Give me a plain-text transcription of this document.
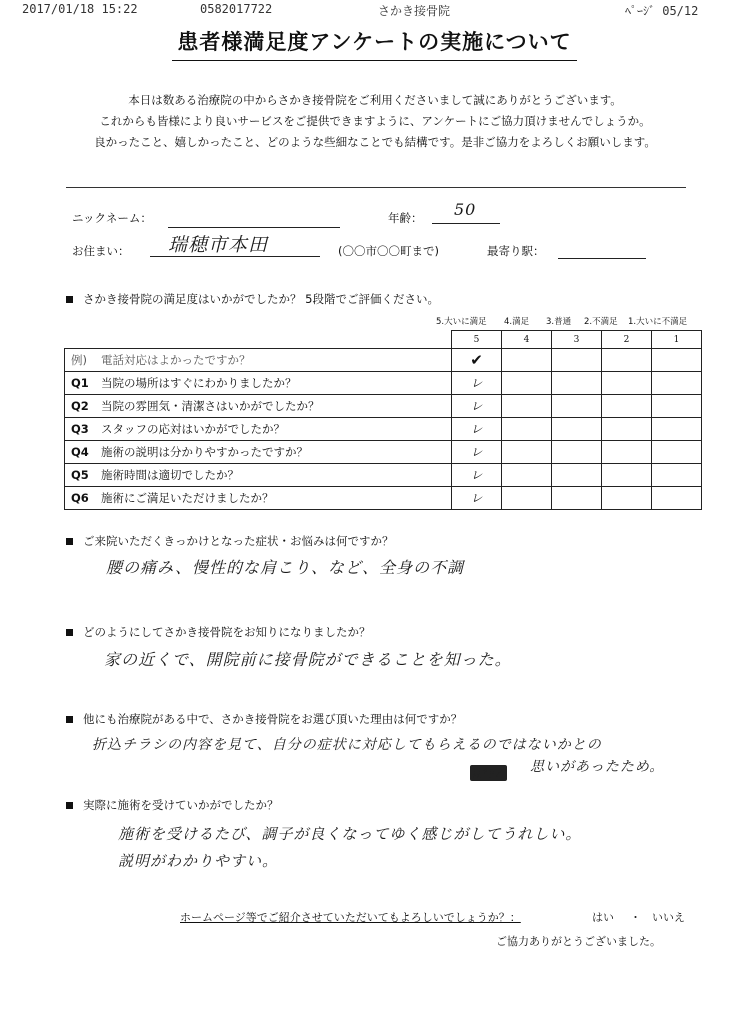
2017/01/18 15:22	0582017722	さかき接骨院	ﾍﾟｰｼﾞ 05/12
患者様満足度アンケートの実施について
本日は数ある治療院の中からさかき接骨院をご利用くださいまして誠にありがとうございます。
これからも皆様により良いサービスをご提供できますように、アンケートにご協力頂けませんでしょうか。
良かったこと、嬉しかったこと、どのような些細なことでも結構です。是非ご協力をよろしくお願いします。
ニックネーム：	年齢：	50
お住まい：	瑞穂市本田	(〇〇市〇〇町まで)	最寄り駅：
さかき接骨院の満足度はいかがでしたか？ 5段階でご評価ください。
5.大いに満足 4.満足 3.普通 2.不満足 1.大いに不満足
	5	4	3	2	1
例) 電話対応はよかったですか？	✔				
Q1 当院の場所はすぐにわかりましたか？	レ				
Q2 当院の雰囲気・清潔さはいかがでしたか？	レ				
Q3 スタッフの応対はいかがでしたか？	レ				
Q4 施術の説明は分かりやすかったですか？	レ				
Q5 施術時間は適切でしたか？	レ				
Q6 施術にご満足いただけましたか？	レ				
ご来院いただくきっかけとなった症状・お悩みは何ですか？
腰の痛み、慢性的な肩こり、など、全身の不調
どのようにしてさかき接骨院をお知りになりましたか？
家の近くで、開院前に接骨院ができることを知った。
他にも治療院がある中で、さかき接骨院をお選び頂いた理由は何ですか？
折込チラシの内容を見て、自分の症状に対応してもらえるのではないかとの
期待と 思いがあったため。
実際に施術を受けていかがでしたか？
施術を受けるたび、調子が良くなってゆく感じがしてうれしい。
説明がわかりやすい。
ホームページ等でご紹介させていただいてもよろしいでしょうか？：	はい ・ いいえ
ご協力ありがとうございました。
